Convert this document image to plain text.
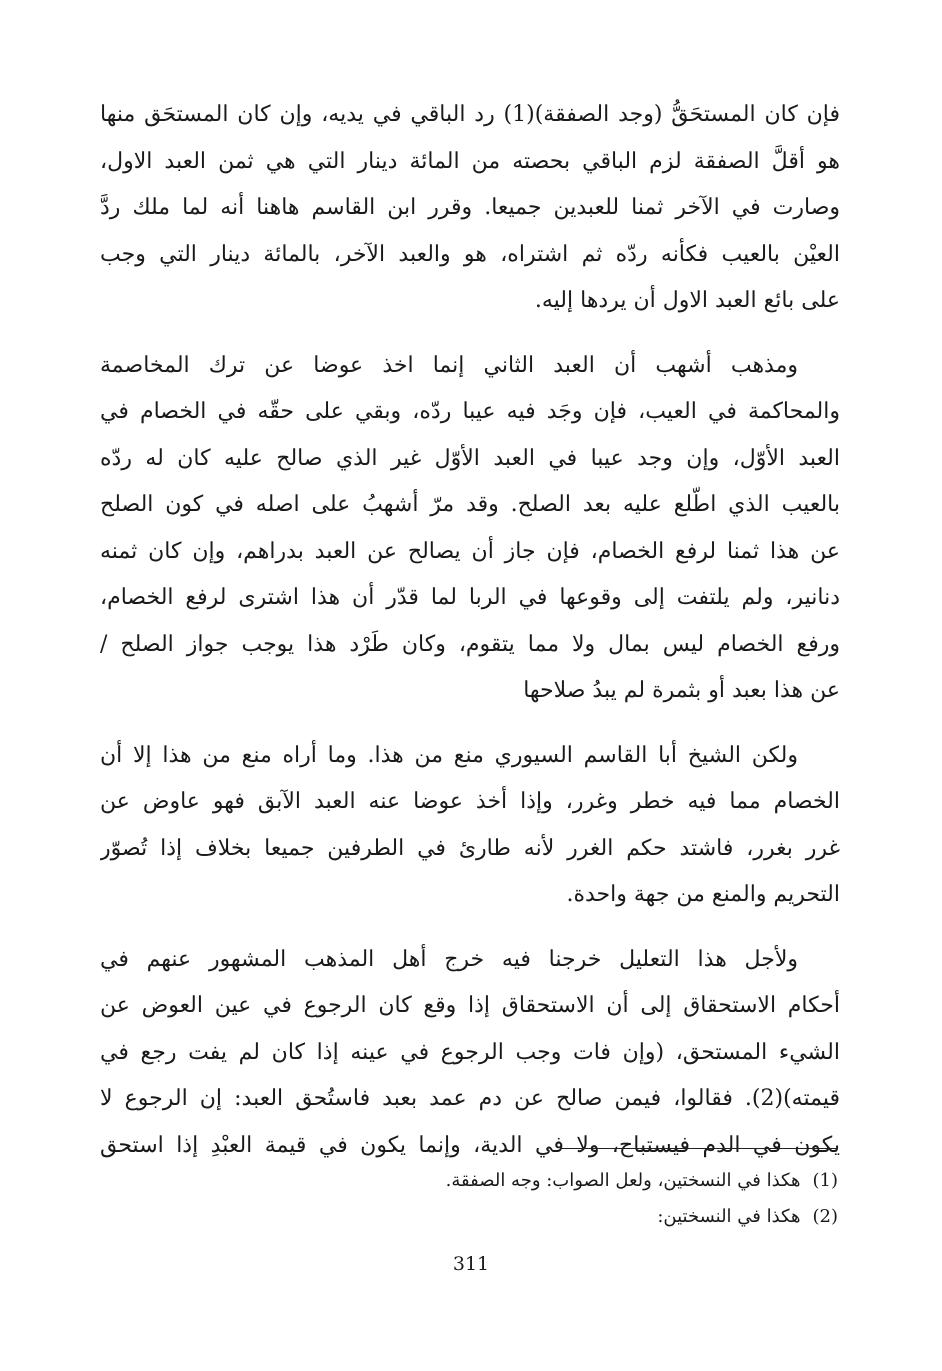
فإن كان المستحَقُّ (وجد الصفقة)(1) رد الباقي في يديه، وإن كان المستحَق منها
هو أقلَّ الصفقة لزم الباقي بحصته من المائة دينار التي هي ثمن العبد الاول،
وصارت في الآخر ثمنا للعبدين جميعا. وقرر ابن القاسم هاهنا أنه لما ملك ردَّ
العيْن بالعيب فكأنه ردّه ثم اشتراه، هو والعبد الآخر، بالمائة دينار التي وجب
على بائع العبد الاول أن يردها إليه.
ومذهب أشهب أن العبد الثاني إنما اخذ عوضا عن ترك المخاصمة
والمحاكمة في العيب، فإن وجَد فيه عيبا ردّه، وبقي على حقّه في الخصام في
العبد الأوّل، وإن وجد عيبا في العبد الأوّل غير الذي صالح عليه كان له ردّه
بالعيب الذي اطّلع عليه بعد الصلح. وقد مرّ أشهبُ على اصله في كون الصلح
عن هذا ثمنا لرفع الخصام، فإن جاز أن يصالح عن العبد بدراهم، وإن كان ثمنه
دنانير، ولم يلتفت إلى وقوعها في الربا لما قدّر أن هذا اشترى لرفع الخصام،
ورفع الخصام ليس بمال ولا مما يتقوم، وكان طَرْد هذا يوجب جواز الصلح /
عن هذا بعبد أو بثمرة لم يبدُ صلاحها
ولكن الشيخ أبا القاسم السيوري منع من هذا. وما أراه منع من هذا إلا أن
الخصام مما فيه خطر وغرر، وإذا أخذ عوضا عنه العبد الآبق فهو عاوض عن
غرر بغرر، فاشتد حكم الغرر لأنه طارئ في الطرفين جميعا بخلاف إذا تُصوّر
التحريم والمنع من جهة واحدة.
ولأجل هذا التعليل خرجنا فيه خرج أهل المذهب المشهور عنهم في
أحكام الاستحقاق إلى أن الاستحقاق إذا وقع كان الرجوع في عين العوض عن
الشيء المستحق، (وإن فات وجب الرجوع في عينه إذا كان لم يفت رجع في
قيمته)(2). فقالوا، فيمن صالح عن دم عمد بعبد فاستُحق العبد: إن الرجوع لا
يكون في الدم فيستباح، ولا في الدية، وإنما يكون في قيمة العبْدِ إذا استحق
(1)هكذا في النسختين، ولعل الصواب: وجه الصفقة.
(2)هكذا في النسختين:
311
